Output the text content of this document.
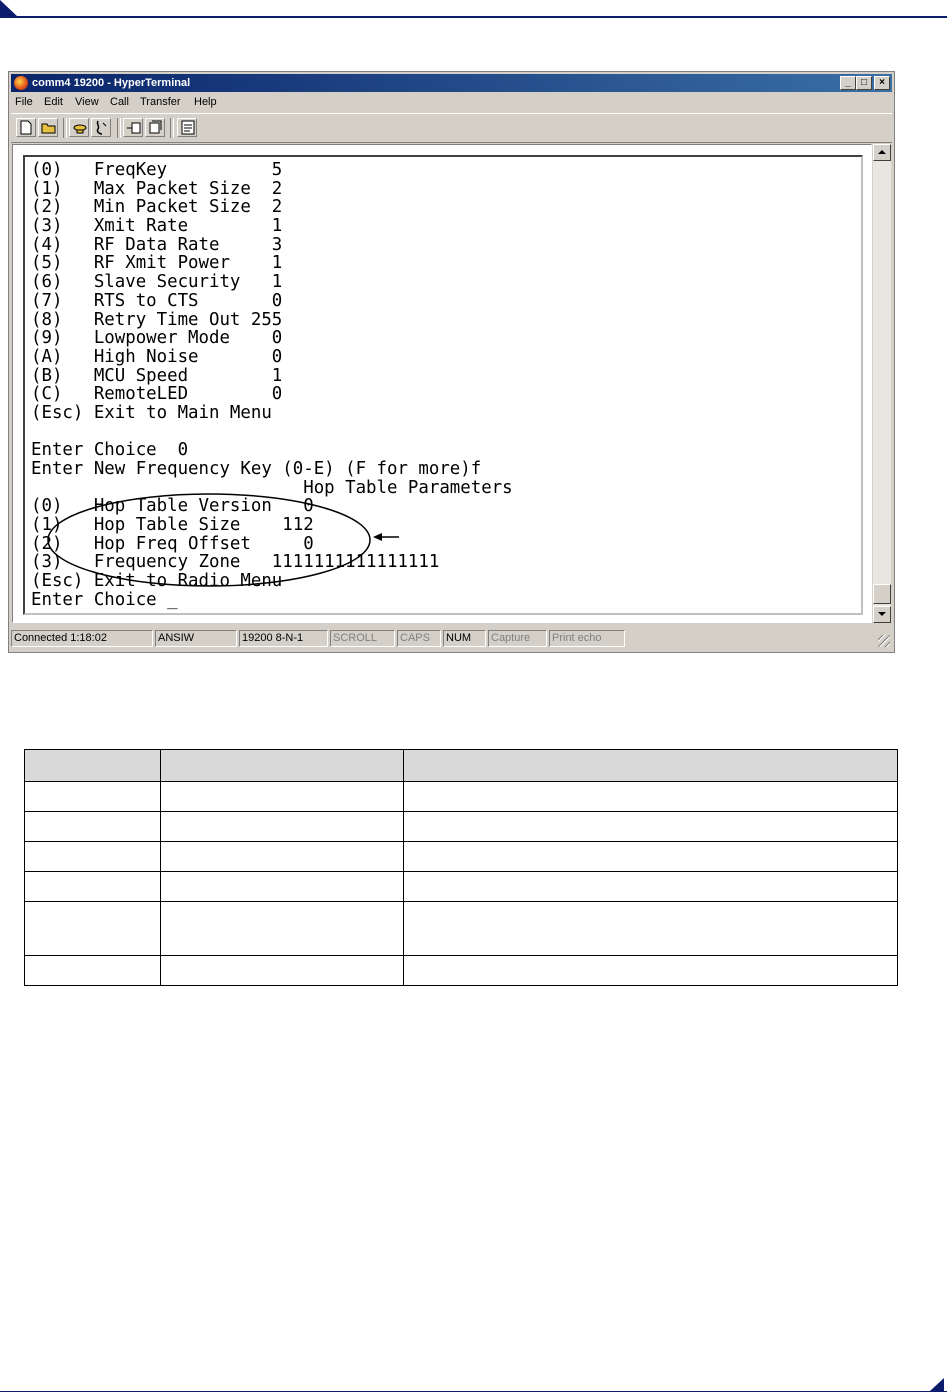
comm4 19200 - HyperTerminal	_	□	×
File Edit View Call Transfer Help
(0)   FreqKey          5
(1)   Max Packet Size  2
(2)   Min Packet Size  2
(3)   Xmit Rate        1
(4)   RF Data Rate     3
(5)   RF Xmit Power    1
(6)   Slave Security   1
(7)   RTS to CTS       0
(8)   Retry Time Out 255
(9)   Lowpower Mode    0
(A)   High Noise       0
(B)   MCU Speed        1
(C)   RemoteLED        0
(Esc) Exit to Main Menu
Enter Choice  0
Enter New Frequency Key (0-E) (F for more)f
Hop Table Parameters
(0)   Hop Table Version   0
(1)   Hop Table Size    112
(2)   Hop Freq Offset     0
(3)   Frequency Zone   1111111111111111
(Esc) Exit to Radio Menu
Enter Choice _
Connected 1:18:02	ANSIW	19200 8-N-1	SCROLL	CAPS	NUM	Capture	Print echo
